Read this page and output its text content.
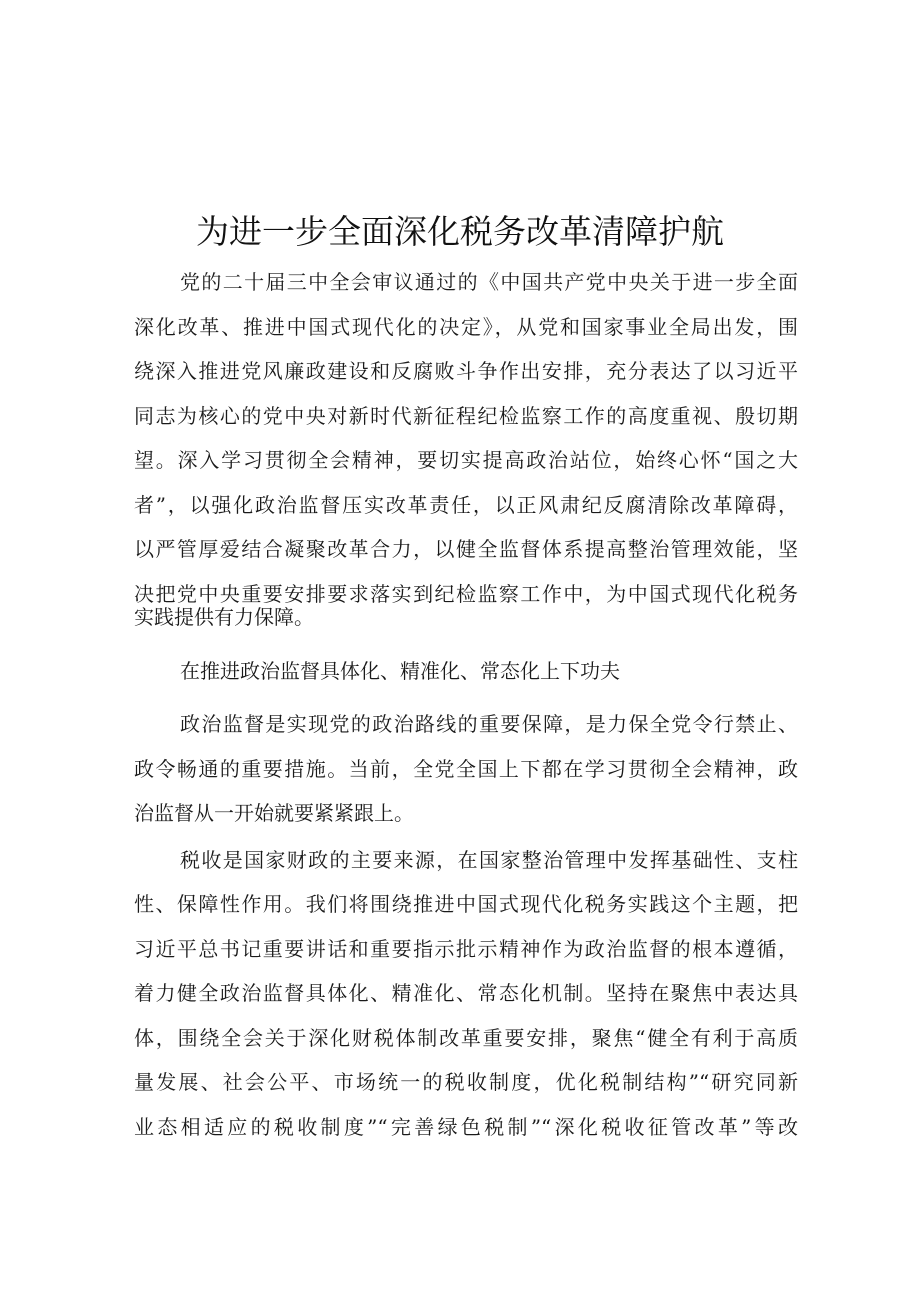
为进一步全面深化税务改革清障护航

党的二十届三中全会审议通过的《中国共产党中央关于进一步全面

深化改革、推进中国式现代化的决定》，从党和国家事业全局出发，围

绕深入推进党风廉政建设和反腐败斗争作出安排，充分表达了以习近平

同志为核心的党中央对新时代新征程纪检监察工作的高度重视、殷切期

望。深入学习贯彻全会精神，要切实提高政治站位，始终心怀“国之大

者”，以强化政治监督压实改革责任，以正风肃纪反腐清除改革障碍，

以严管厚爱结合凝聚改革合力，以健全监督体系提高整治管理效能，坚

决把党中央重要安排要求落实到纪检监察工作中，为中国式现代化税务

实践提供有力保障。

在推进政治监督具体化、精准化、常态化上下功夫

政治监督是实现党的政治路线的重要保障，是力保全党令行禁止、

政令畅通的重要措施。当前，全党全国上下都在学习贯彻全会精神，政

治监督从一开始就要紧紧跟上。

税收是国家财政的主要来源，在国家整治管理中发挥基础性、支柱

性、保障性作用。我们将围绕推进中国式现代化税务实践这个主题，把

习近平总书记重要讲话和重要指示批示精神作为政治监督的根本遵循，

着力健全政治监督具体化、精准化、常态化机制。坚持在聚焦中表达具

体，围绕全会关于深化财税体制改革重要安排，聚焦“健全有利于高质

量发展、社会公平、市场统一的税收制度，优化税制结构”“研究同新

业态相适应的税收制度”“完善绿色税制”“深化税收征管改革”等改
